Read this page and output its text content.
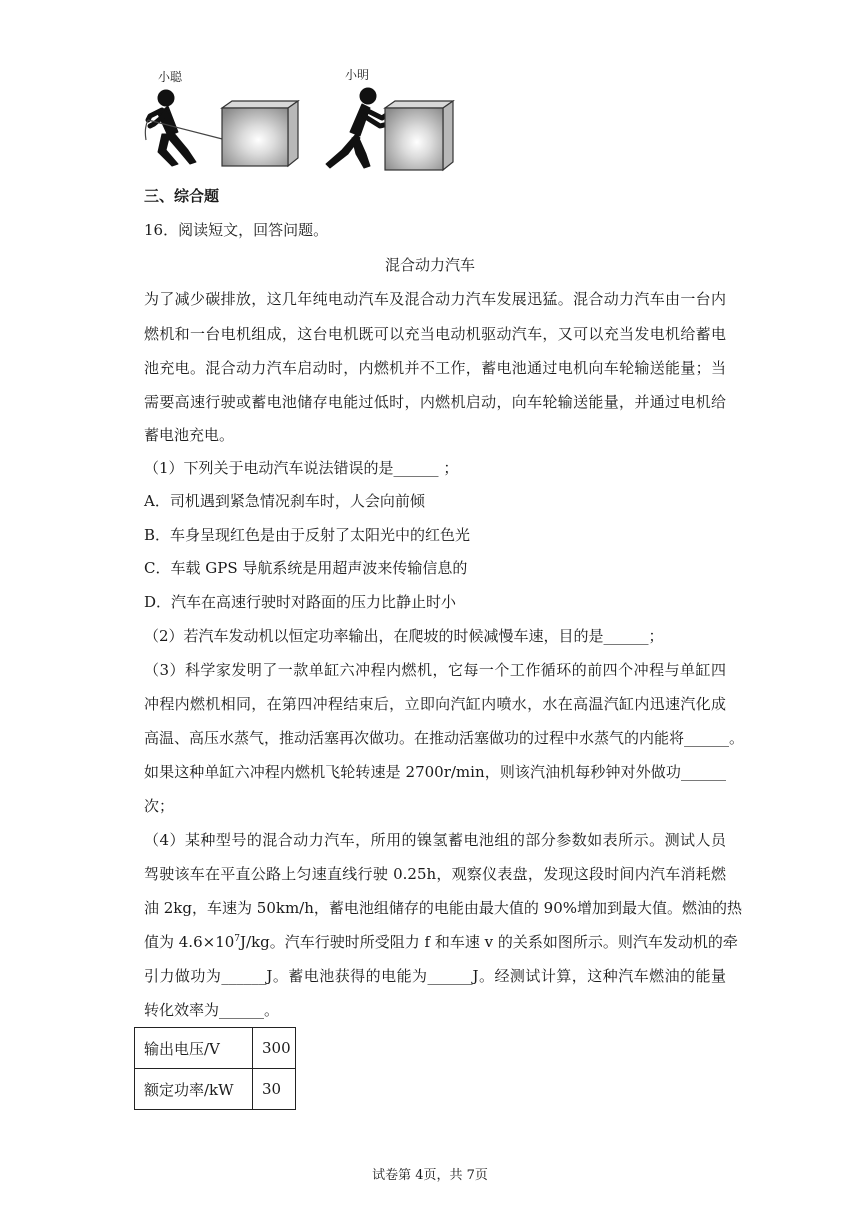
小聪	小明
三、综合题
16．阅读短文，回答问题。
混合动力汽车
为了减少碳排放，这几年纯电动汽车及混合动力汽车发展迅猛。混合动力汽车由一台内
燃机和一台电机组成，这台电机既可以充当电动机驱动汽车，又可以充当发电机给蓄电
池充电。混合动力汽车启动时，内燃机并不工作，蓄电池通过电机向车轮输送能量；当
需要高速行驶或蓄电池储存电能过低时，内燃机启动，向车轮输送能量，并通过电机给
蓄电池充电。
（1）下列关于电动汽车说法错误的是______ ；
A．司机遇到紧急情况刹车时，人会向前倾
B．车身呈现红色是由于反射了太阳光中的红色光
C．车载 GPS 导航系统是用超声波来传输信息的
D．汽车在高速行驶时对路面的压力比静止时小
（2）若汽车发动机以恒定功率输出，在爬坡的时候减慢车速，目的是______；
（3）科学家发明了一款单缸六冲程内燃机，它每一个工作循环的前四个冲程与单缸四
冲程内燃机相同，在第四冲程结束后，立即向汽缸内喷水，水在高温汽缸内迅速汽化成
高温、高压水蒸气，推动活塞再次做功。在推动活塞做功的过程中水蒸气的内能将______。
如果这种单缸六冲程内燃机飞轮转速是 2700r/min，则该汽油机每秒钟对外做功______
次；
（4）某种型号的混合动力汽车，所用的镍氢蓄电池组的部分参数如表所示。测试人员
驾驶该车在平直公路上匀速直线行驶 0.25h，观察仪表盘，发现这段时间内汽车消耗燃
油 2kg，车速为 50km/h，蓄电池组储存的电能由最大值的 90%增加到最大值。燃油的热
值为 $4.6\times 10^7J/kg$。汽车行驶时所受阻力 f 和车速 v 的关系如图所示。则汽车发动机的牵
引力做功为______J。蓄电池获得的电能为______J。经测试计算，这种汽车燃油的能量
转化效率为______。
输出电压/V	300
额定功率/kW	30
试卷第 4页，共 7页
